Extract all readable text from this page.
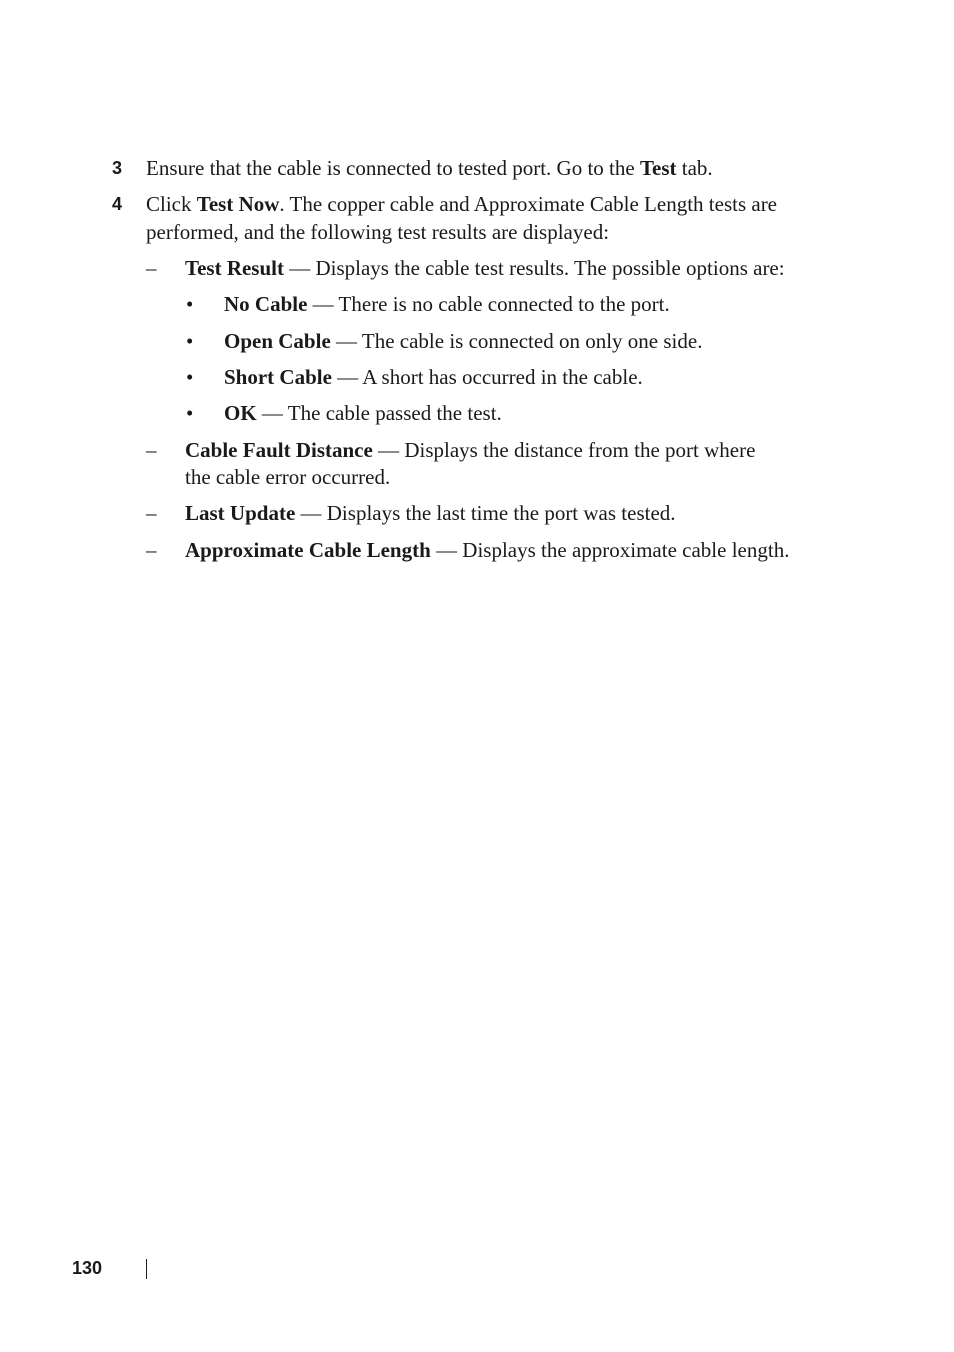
3 Ensure that the cable is connected to tested port. Go to the Test tab.
4 Click Test Now. The copper cable and Approximate Cable Length tests are
performed, and the following test results are displayed:
– Test Result — Displays the cable test results. The possible options are:
• No Cable — There is no cable connected to the port.
• Open Cable — The cable is connected on only one side.
• Short Cable — A short has occurred in the cable.
• OK — The cable passed the test.
– Cable Fault Distance — Displays the distance from the port where
the cable error occurred.
– Last Update — Displays the last time the port was tested.
– Approximate Cable Length — Displays the approximate cable length.
130
